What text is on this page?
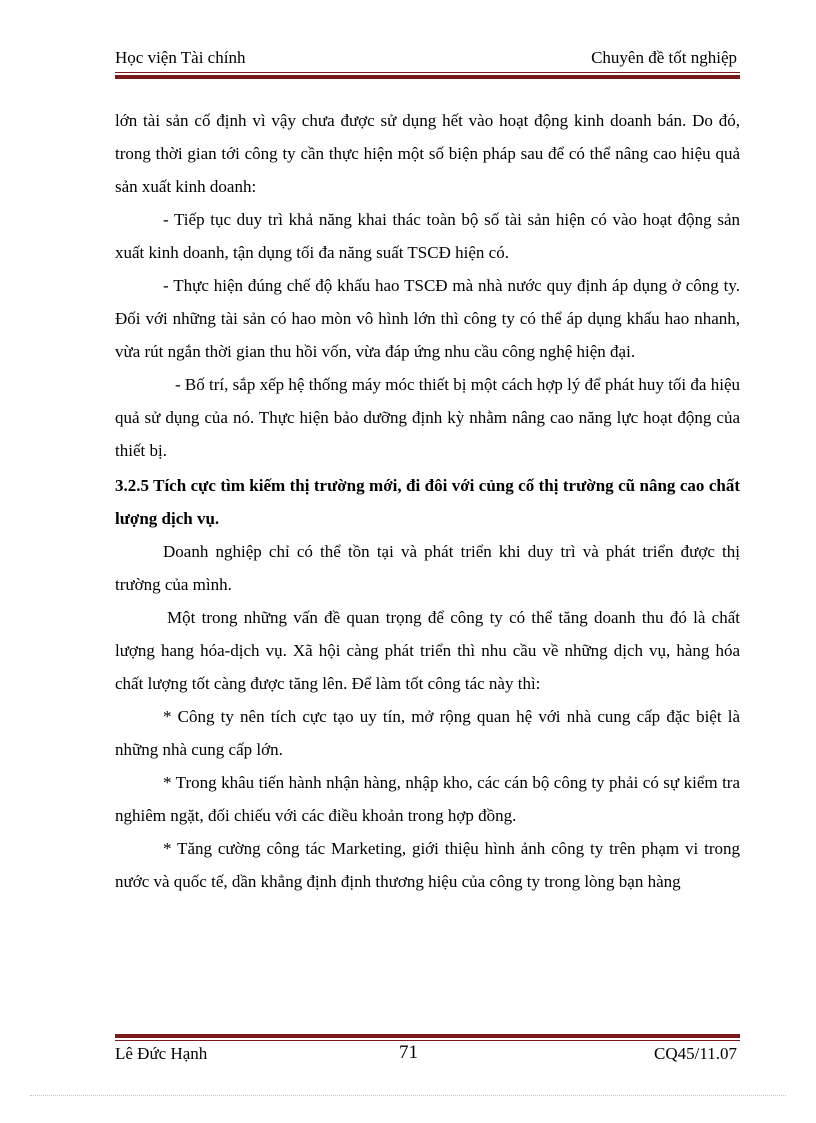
Học viện Tài chính	Chuyên đề tốt nghiệp

lớn tài sản cố định vì vậy chưa được sử dụng hết vào hoạt động kinh doanh bán. Do đó, trong thời gian tới công ty cần thực hiện một số biện pháp sau để có thể nâng cao hiệu quả sản xuất kinh doanh:

- Tiếp tục duy trì khả năng khai thác toàn bộ số tài sản hiện có vào hoạt động sản xuất kinh doanh, tận dụng tối đa năng suất TSCĐ hiện có.

- Thực hiện đúng chế độ khấu hao TSCĐ mà nhà nước quy định áp dụng ở công ty. Đối với những tài sản có hao mòn vô hình lớn thì công ty có thể áp dụng khấu hao nhanh, vừa rút ngắn thời gian thu hồi vốn, vừa đáp ứng nhu cầu công nghệ hiện đại.

- Bố trí, sắp xếp hệ thống máy móc thiết bị một cách hợp lý để phát huy tối đa hiệu quả sử dụng của nó. Thực hiện bảo dưỡng định kỳ nhằm nâng cao năng lực hoạt động của thiết bị.

3.2.5 Tích cực tìm kiếm thị trường mới, đi đôi với củng cố thị trường cũ nâng cao chất lượng dịch vụ.

Doanh nghiệp chỉ có thể tồn tại và phát triển khi duy trì và phát triển được thị trường của mình.

Một trong những vấn đề quan trọng để công ty có thể tăng doanh thu đó là chất lượng hang hóa-dịch vụ. Xã hội càng phát triển thì nhu cầu về những dịch vụ, hàng hóa chất lượng tốt càng được tăng lên. Để làm tốt công tác này thì:

* Công ty nên tích cực tạo uy tín, mở rộng quan hệ với nhà cung cấp đặc biệt là những nhà cung cấp lớn.

* Trong khâu tiến hành nhận hàng, nhập kho, các cán bộ công ty phải có sự kiểm tra nghiêm ngặt, đối chiếu với các điều khoản trong hợp đồng.

* Tăng cường công tác Marketing, giới thiệu hình ảnh công ty trên phạm vi trong nước và quốc tế, dần khẳng định định thương hiệu của công ty trong lòng bạn hàng

Lê Đức Hạnh	71	CQ45/11.07
